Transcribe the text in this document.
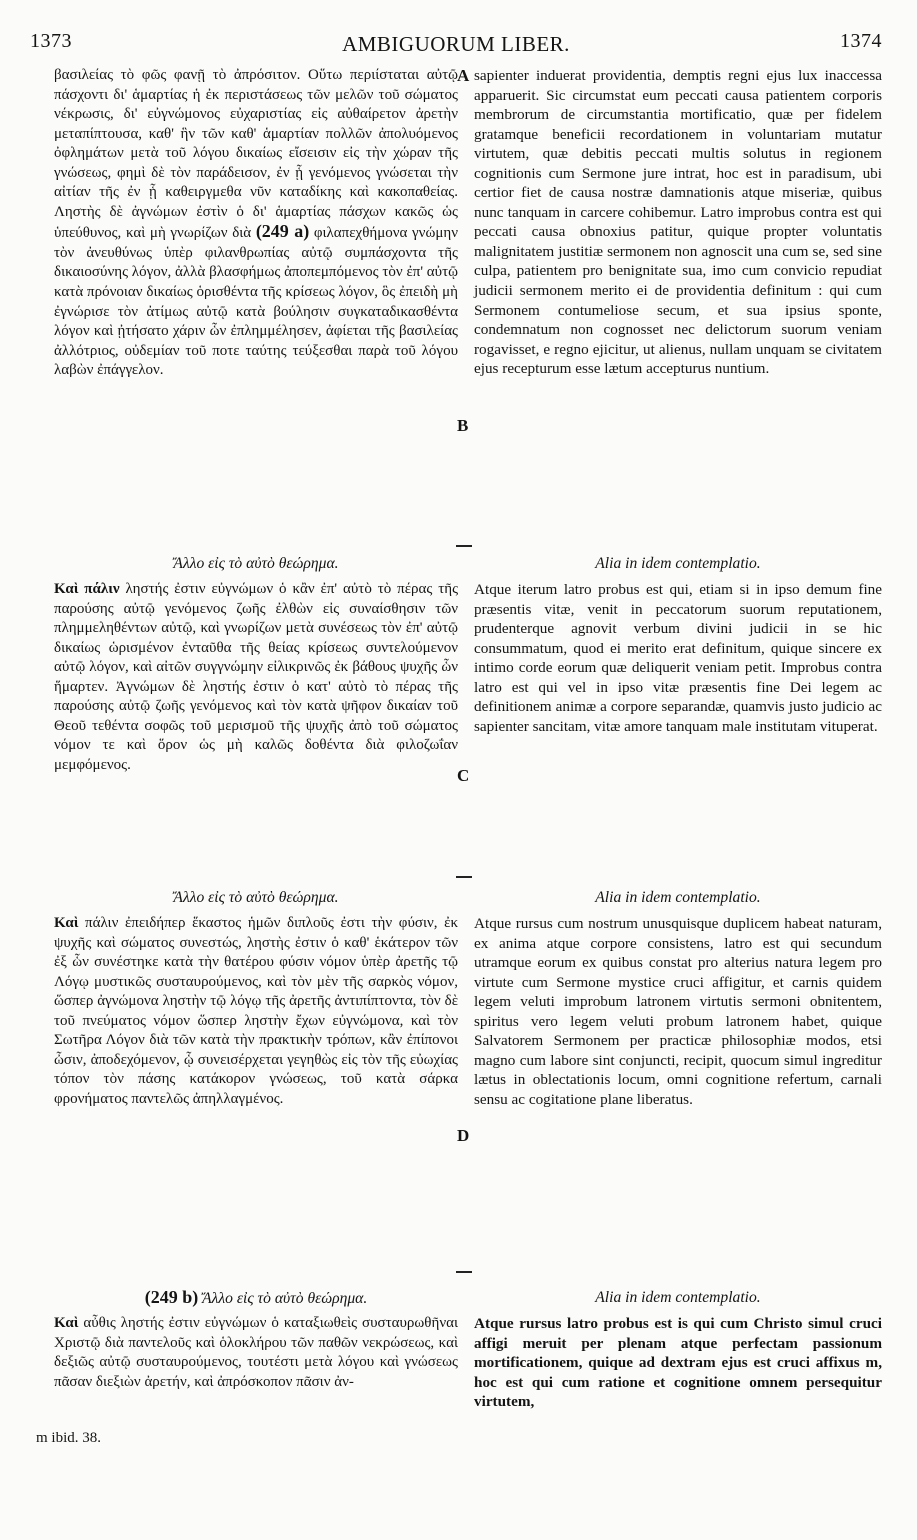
1373	AMBIGUORUM LIBER.	1374
βασιλείας τὸ φῶς φανῇ τὸ ἀπρόσιτον. Οὕτω περιίσταται αὐτῷ πάσχοντι δι' ἁμαρτίας ἡ ἐκ περιστάσεως τῶν μελῶν τοῦ σώματος νέκρωσις, δι' εὐγνώμονος εὐχαριστίας εἰς αὐθαίρετον ἀρετὴν μεταπίπτουσα, καθ' ἣν τῶν καθ' ἁμαρτίαν πολλῶν ἀπολυόμενος ὀφλημάτων μετὰ τοῦ λόγου δικαίως εἴσεισιν εἰς τὴν χώραν τῆς γνώσεως, φημὶ δὲ τὸν παράδεισον, ἐν ᾗ γενόμενος γνώσεται τὴν αἰτίαν τῆς ἐν ᾗ καθειργμεθα νῦν καταδίκης καὶ κακοπαθείας. Ληστὴς δὲ ἀγνώμων ἐστὶν ὁ δι' ἁμαρτίας πάσχων κακῶς ὡς ὑπεύθυνος, καὶ μὴ γνωρίζων διὰ (249 a) φιλαπεχθήμονα γνώμην τὸν ἀνευθύνως ὑπὲρ φιλανθρωπίας αὐτῷ συμπάσχοντα τῆς δικαιοσύνης λόγον, ἀλλὰ βλασφήμως ἀποπεμπόμενος τὸν ἐπ' αὐτῷ κατὰ πρόνοιαν δικαίως ὁρισθέντα τῆς κρίσεως λόγον, ὃς ἐπειδὴ μὴ ἐγνώρισε τὸν ἀτίμως αὐτῷ κατὰ βούλησιν συγκαταδικασθέντα λόγον καὶ ᾐτήσατο χάριν ὧν ἐπλημμέλησεν, ἀφίεται τῆς βασιλείας ἀλλότριος, οὐδεμίαν τοῦ ποτε ταύτης τεύξεσθαι παρὰ τοῦ λόγου λαβὼν ἐπάγγελον.
Ἄλλο εἰς τὸ αὐτὸ θεώρημα.
Καὶ πάλιν ληστής ἐστιν εὐγνώμων ὁ κἂν ἐπ' αὐτὸ τὸ πέρας τῆς παρούσης αὐτῷ γενόμενος ζωῆς ἐλθὼν εἰς συναίσθησιν τῶν πλημμεληθέντων αὐτῷ, καὶ γνωρίζων μετὰ συνέσεως τὸν ἐπ' αὐτῷ δικαίως ὡρισμένον ἐνταῦθα τῆς θείας κρίσεως συντελούμενον αὐτῷ λόγον, καὶ αἰτῶν συγγνώμην εἰλικρινῶς ἐκ βάθους ψυχῆς ὧν ἥμαρτεν. Ἀγνώμων δὲ ληστής ἐστιν ὁ κατ' αὐτὸ τὸ πέρας τῆς παρούσης αὐτῷ ζωῆς γενόμενος καὶ τὸν κατὰ ψῆφον δικαίαν τοῦ Θεοῦ τεθέντα σοφῶς τοῦ μερισμοῦ τῆς ψυχῆς ἀπὸ τοῦ σώματος νόμον τε καὶ ὅρον ὡς μὴ καλῶς δοθέντα διὰ φιλοζωΐαν μεμφόμενος.
Ἄλλο εἰς τὸ αὐτὸ θεώρημα.
Καὶ πάλιν ἐπειδήπερ ἕκαστος ἡμῶν διπλοῦς ἐστι τὴν φύσιν, ἐκ ψυχῆς καὶ σώματος συνεστώς, ληστὴς ἐστιν ὁ καθ' ἑκάτερον τῶν ἐξ ὧν συνέστηκε κατὰ τὴν θατέρου φύσιν νόμον ὑπὲρ ἀρετῆς τῷ Λόγῳ μυστικῶς συσταυρούμενος, καὶ τὸν μὲν τῆς σαρκὸς νόμον, ὥσπερ ἀγνώμονα ληστὴν τῷ λόγῳ τῆς ἀρετῆς ἀντιπίπτοντα, τὸν δὲ τοῦ πνεύματος νόμον ὥσπερ ληστὴν ἔχων εὐγνώμονα, καὶ τὸν Σωτῆρα Λόγον διὰ τῶν κατὰ τὴν πρακτικὴν τρόπων, κἂν ἐπίπονοι ὦσιν, ἀποδεχόμενον, ᾧ συνεισέρχεται γεγηθὼς εἰς τὸν τῆς εὐωχίας τόπον τὸν πάσης κατάκορον γνώσεως, τοῦ κατὰ σάρκα φρονήματος παντελῶς ἀπηλλαγμένος.
(249 b) Ἄλλο εἰς τὸ αὐτὸ θεώρημα.
Καὶ αὖθις ληστής ἐστιν εὐγνώμων ὁ καταξιωθεὶς συσταυρωθῆναι Χριστῷ διὰ παντελοῦς καὶ ὁλοκλήρου τῶν παθῶν νεκρώσεως, καὶ δεξιῶς αὐτῷ συσταυρούμενος, τουτέστι μετὰ λόγου καὶ γνώσεως πᾶσαν διεξιὼν ἀρετήν, καὶ ἀπρόσκοπον πᾶσιν ἀν-
A
B
C
D
sapienter induerat providentia, demptis regni ejus lux inaccessa apparuerit. Sic circumstat eum peccati causa patientem corporis membrorum de circumstantia mortificatio, quæ per fidelem gratamque beneficii recordationem in voluntariam mutatur virtutem, quæ debitis peccati multis solutus in regionem cognitionis cum Sermone jure intrat, hoc est in paradisum, ubi certior fiet de causa nostræ damnationis atque miseriæ, quibus nunc tanquam in carcere cohibemur. Latro improbus contra est qui peccati causa obnoxius patitur, quique propter voluntatis malignitatem justitiæ sermonem non agnoscit una cum se, sed sine culpa, patientem pro benignitate sua, imo cum convicio repudiat judicii sermonem merito ei de providentia definitum : qui cum Sermonem contumeliose secum, et sua ipsius sponte, condemnatum non cognosset nec delictorum suorum veniam rogavisset, e regno ejicitur, ut alienus, nullam unquam se civitatem ejus recepturum esse lætum accepturus nuntium.
Alia in idem contemplatio.
Atque iterum latro probus est qui, etiam si in ipso demum fine præsentis vitæ, venit in peccatorum suorum reputationem, prudenterque agnovit verbum divini judicii in se hic consummatum, quod ei merito erat definitum, quique sincere ex intimo corde eorum quæ deliquerit veniam petit. Improbus contra latro est qui vel in ipso vitæ præsentis fine Dei legem ac definitionem animæ a corpore separandæ, quamvis justo judicio ac sapienter sancitam, vitæ amore tanquam male institutam vituperat.
Alia in idem contemplatio.
Atque rursus cum nostrum unusquisque duplicem habeat naturam, ex anima atque corpore consistens, latro est qui secundum utramque eorum ex quibus constat pro alterius natura legem pro virtute cum Sermone mystice cruci affigitur, et carnis quidem legem veluti improbum latronem virtutis sermoni obnitentem, spiritus vero legem veluti probum latronem habet, quique Salvatorem Sermonem per practicæ philosophiæ modos, etsi magno cum labore sint conjuncti, recipit, quocum simul ingreditur lætus in oblectationis locum, omni cognitione refertum, carnali sensu ac cogitatione plane liberatus.
Alia in idem contemplatio.
Atque rursus latro probus est is qui cum Christo simul cruci affigi meruit per plenam atque perfectam passionum mortificationem, quique ad dextram ejus est cruci affixus m, hoc est qui cum ratione et cognitione omnem persequitur virtutem,
m ibid. 38.
